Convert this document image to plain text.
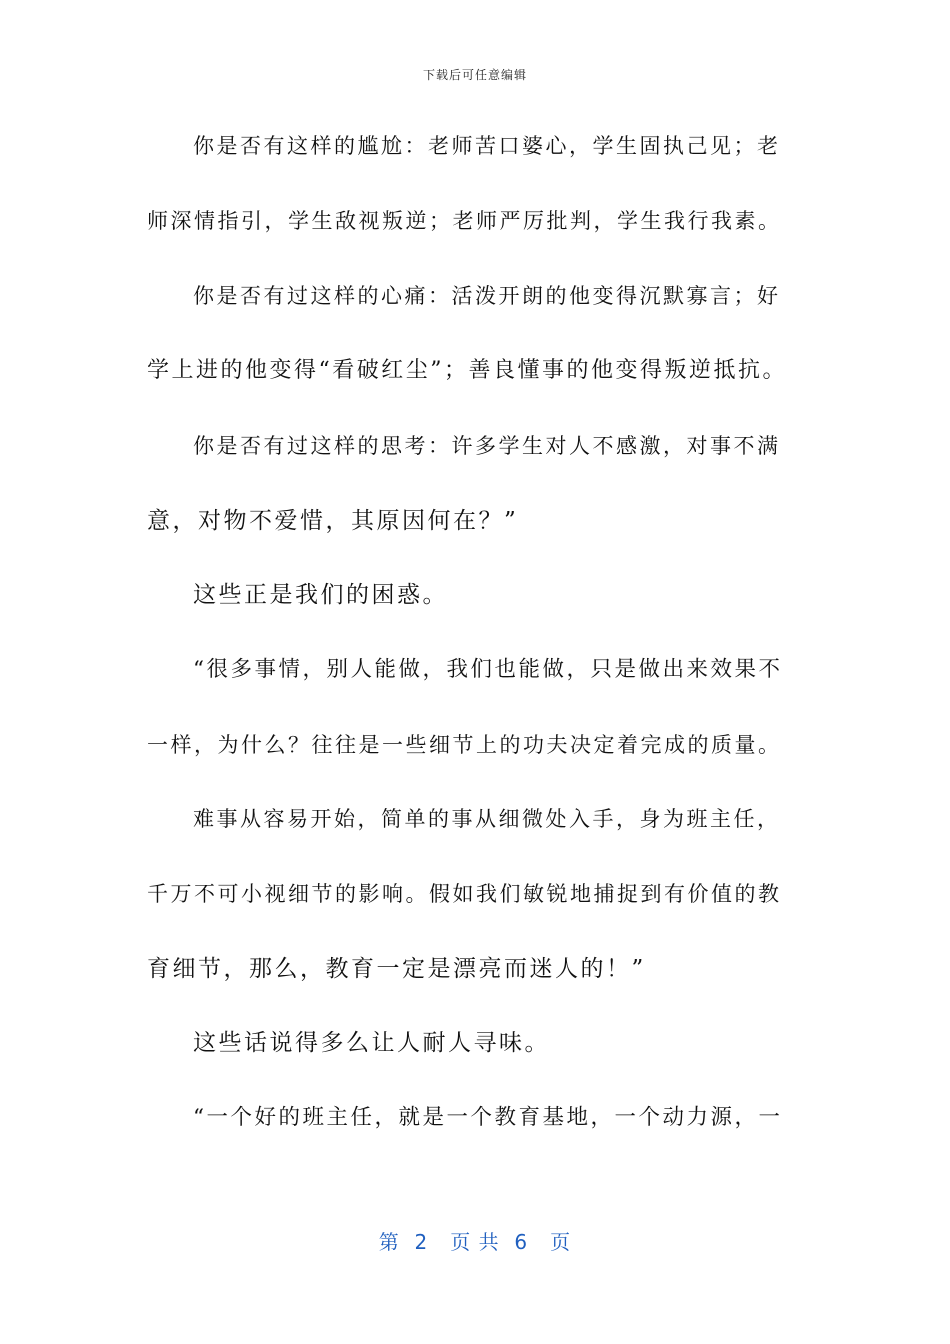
下载后可任意编辑
你是否有这样的尴尬：老师苦口婆心，学生固执己见；老
师深情指引，学生敌视叛逆；老师严厉批判，学生我行我素。
你是否有过这样的心痛：活泼开朗的他变得沉默寡言；好
学上进的他变得“看破红尘”；善良懂事的他变得叛逆抵抗。
你是否有过这样的思考：许多学生对人不感激，对事不满
意，对物不爱惜，其原因何在？”
这些正是我们的困惑。
“很多事情，别人能做，我们也能做，只是做出来效果不
一样，为什么？往往是一些细节上的功夫决定着完成的质量。
难事从容易开始，简单的事从细微处入手，身为班主任，
千万不可小视细节的影响。假如我们敏锐地捕捉到有价值的教
育细节，那么，教育一定是漂亮而迷人的！”
这些话说得多么让人耐人寻味。
“一个好的班主任，就是一个教育基地，一个动力源，一
第  2   页 共  6   页
